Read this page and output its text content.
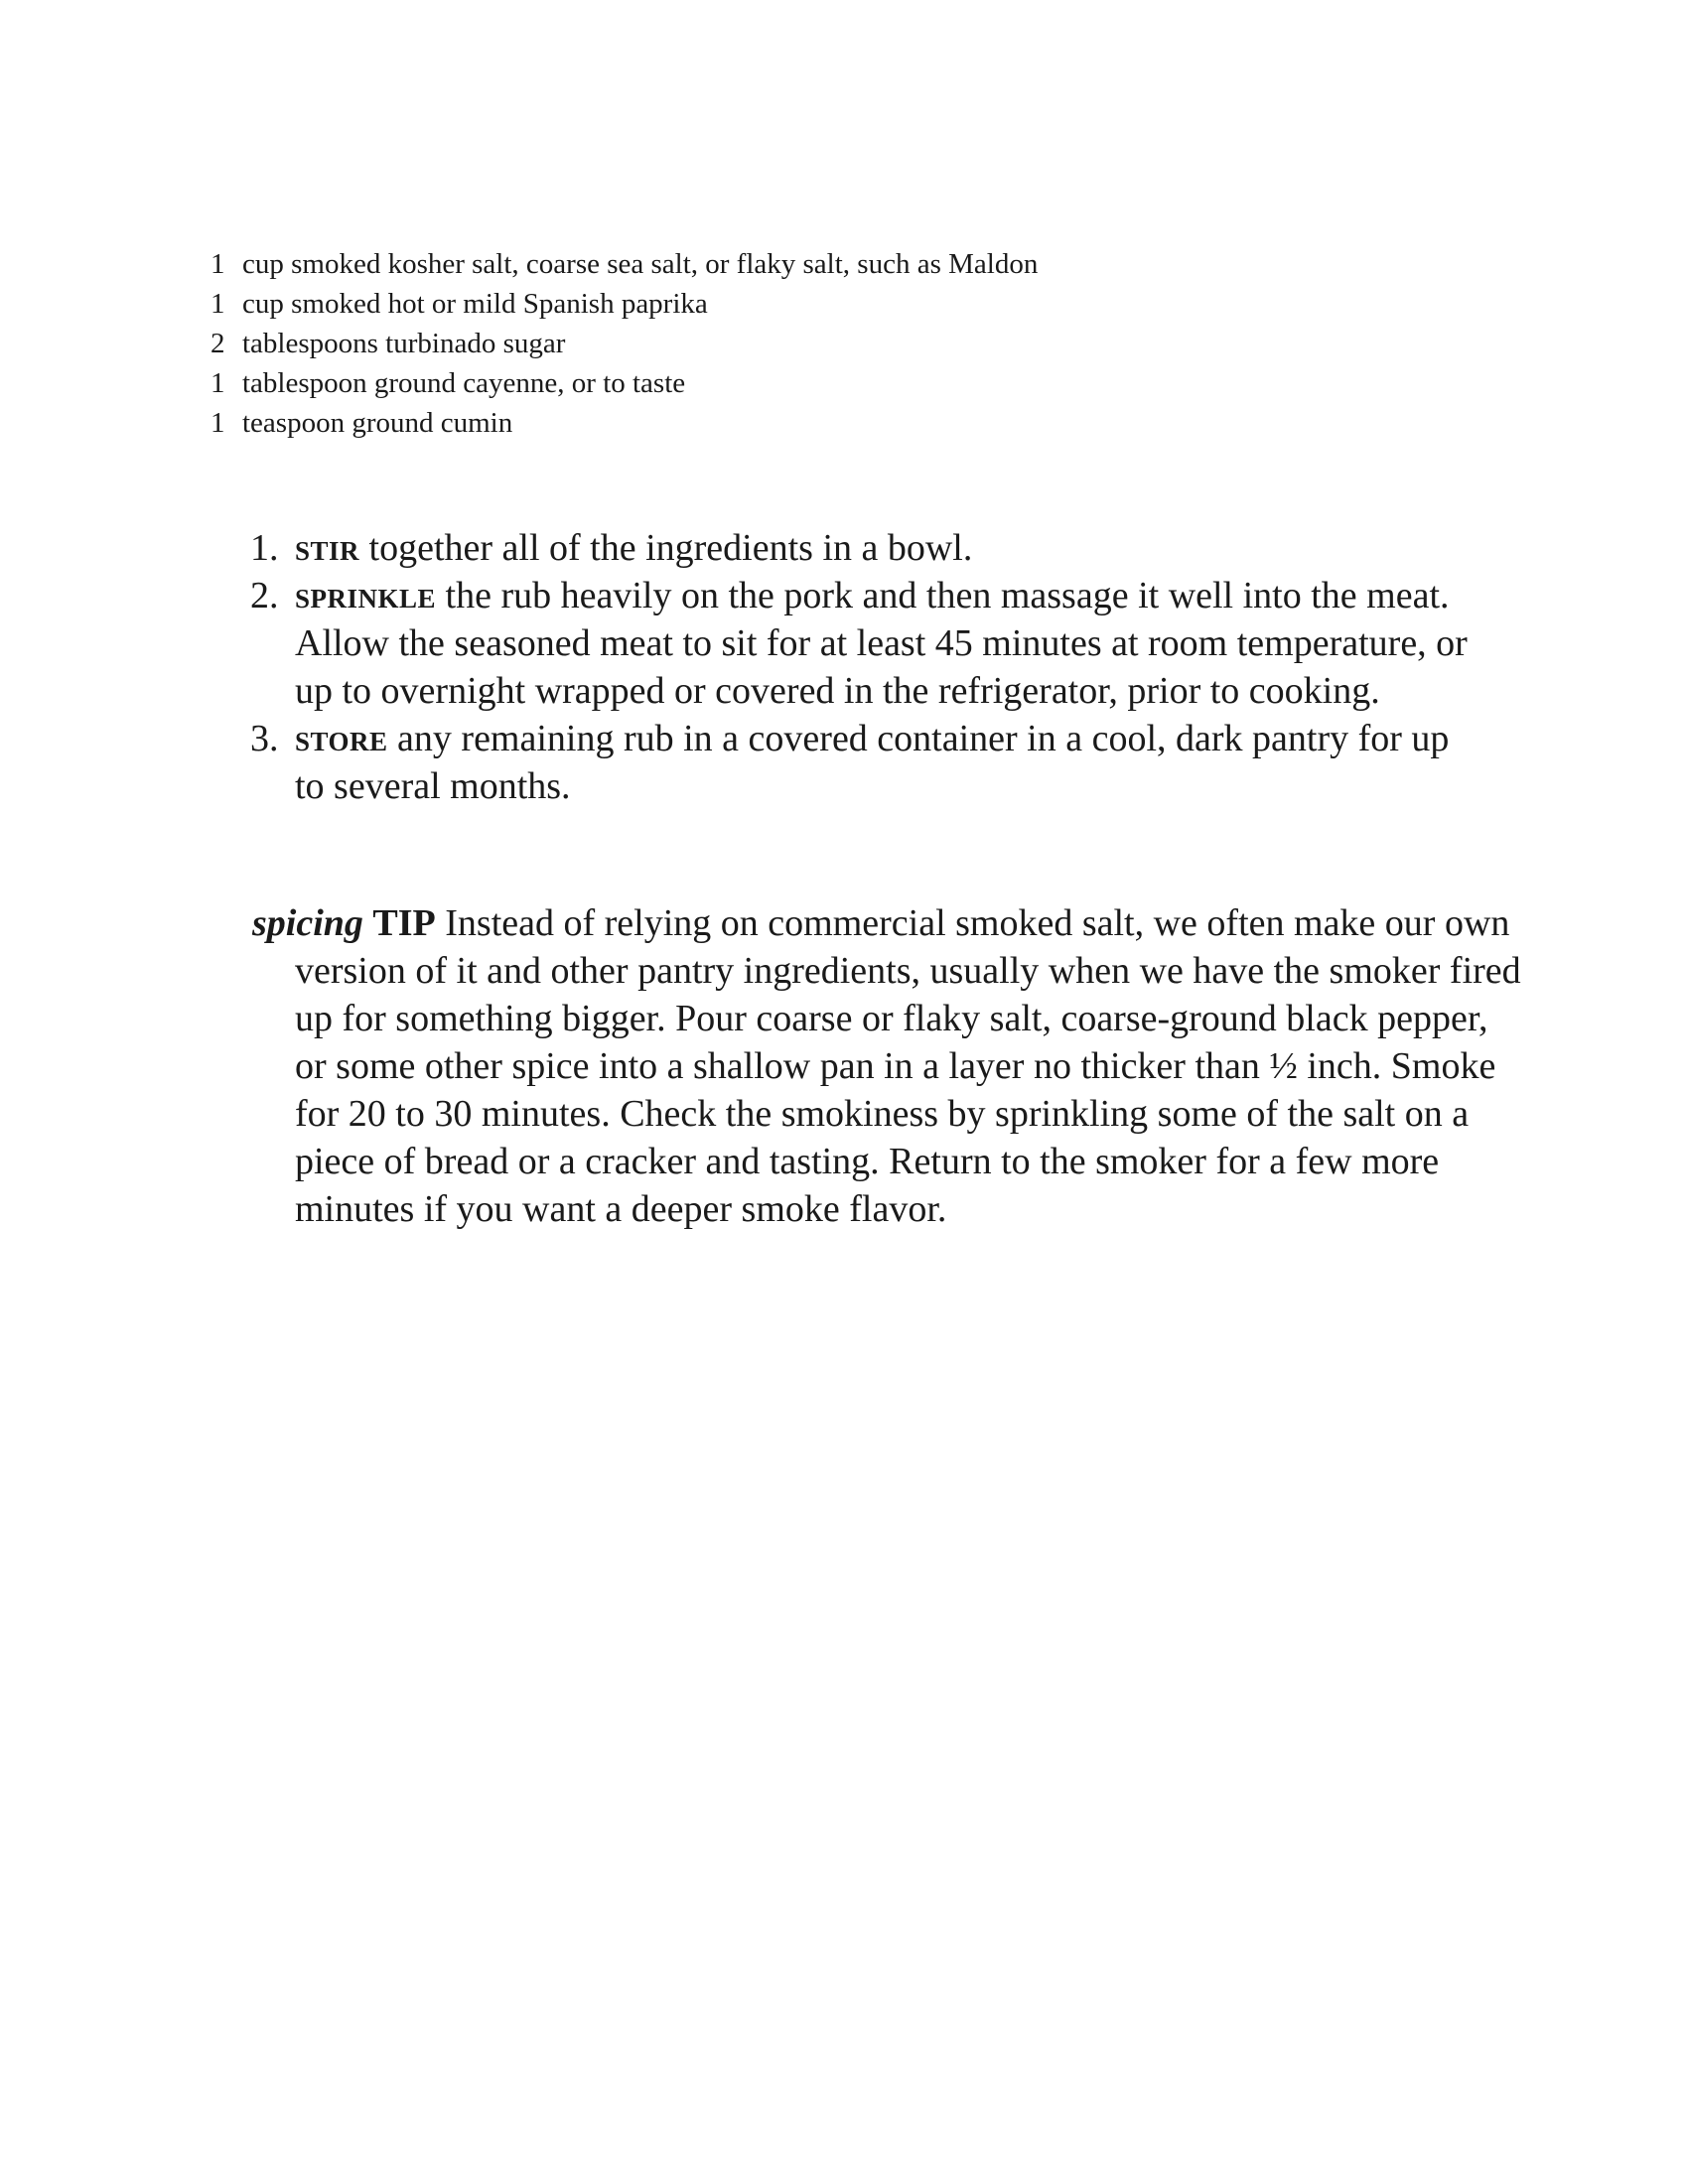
1 cup smoked kosher salt, coarse sea salt, or flaky salt, such as Maldon
1 cup smoked hot or mild Spanish paprika
2 tablespoons turbinado sugar
1 tablespoon ground cayenne, or to taste
1 teaspoon ground cumin
1. stir together all of the ingredients in a bowl.
2. sprinkle the rub heavily on the pork and then massage it well into the meat. Allow the seasoned meat to sit for at least 45 minutes at room temperature, or up to overnight wrapped or covered in the refrigerator, prior to cooking.
3. store any remaining rub in a covered container in a cool, dark pantry for up to several months.

spicing TIP Instead of relying on commercial smoked salt, we often make our own version of it and other pantry ingredients, usually when we have the smoker fired up for something bigger. Pour coarse or flaky salt, coarse-ground black pepper, or some other spice into a shallow pan in a layer no thicker than ½ inch. Smoke for 20 to 30 minutes. Check the smokiness by sprinkling some of the salt on a piece of bread or a cracker and tasting. Return to the smoker for a few more minutes if you want a deeper smoke flavor.
